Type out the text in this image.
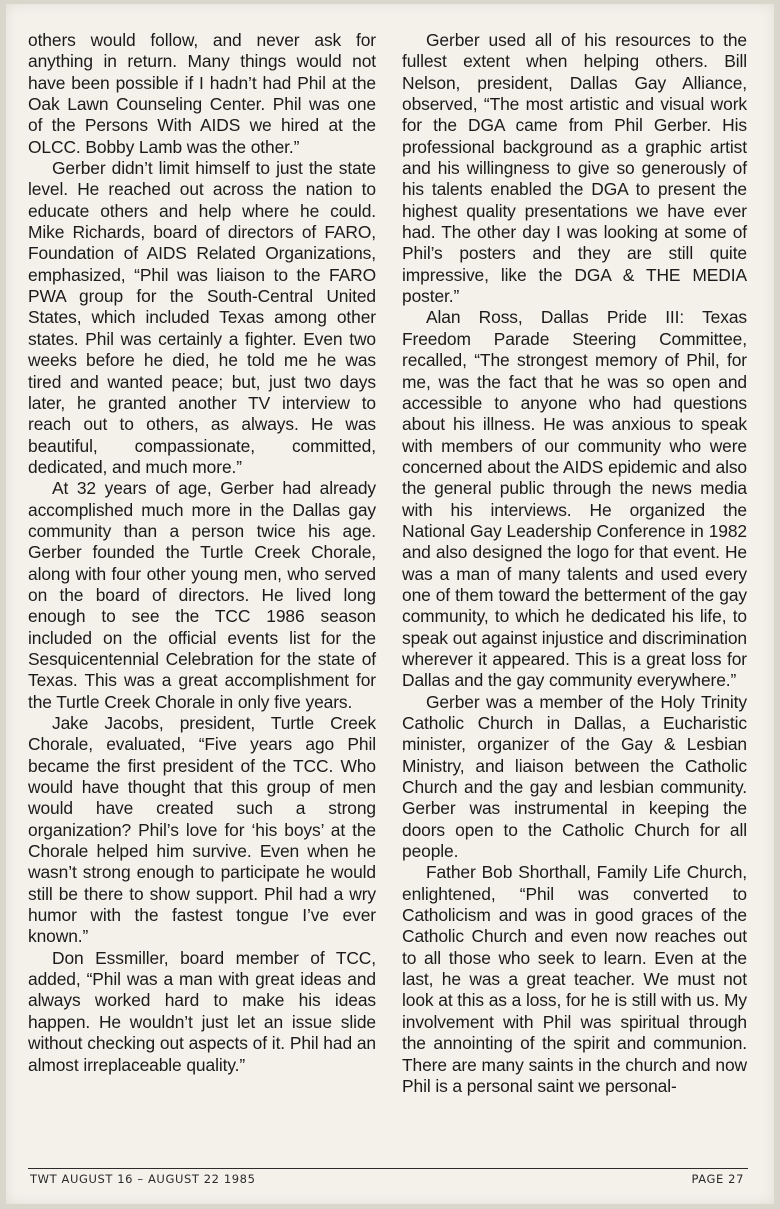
others would follow, and never ask for anything in return. Many things would not have been possible if I hadn’t had Phil at the Oak Lawn Counseling Center. Phil was one of the Persons With AIDS we hired at the OLCC. Bobby Lamb was the other.”

Gerber didn’t limit himself to just the state level. He reached out across the nation to educate others and help where he could. Mike Richards, board of directors of FARO, Foundation of AIDS Related Organizations, emphasized, “Phil was liaison to the FARO PWA group for the South-Central United States, which included Texas among other states. Phil was certainly a fighter. Even two weeks before he died, he told me he was tired and wanted peace; but, just two days later, he granted another TV interview to reach out to others, as always. He was beautiful, compassionate, committed, dedicated, and much more.”

At 32 years of age, Gerber had already accomplished much more in the Dallas gay community than a person twice his age. Gerber founded the Turtle Creek Chorale, along with four other young men, who served on the board of directors. He lived long enough to see the TCC 1986 season included on the official events list for the Sesquicentennial Celebration for the state of Texas. This was a great accomplishment for the Turtle Creek Chorale in only five years.

Jake Jacobs, president, Turtle Creek Chorale, evaluated, “Five years ago Phil became the first president of the TCC. Who would have thought that this group of men would have created such a strong organization? Phil’s love for ‘his boys’ at the Chorale helped him survive. Even when he wasn’t strong enough to participate he would still be there to show support. Phil had a wry humor with the fastest tongue I’ve ever known.”

Don Essmiller, board member of TCC, added, “Phil was a man with great ideas and always worked hard to make his ideas happen. He wouldn’t just let an issue slide without checking out aspects of it. Phil had an almost irreplaceable quality.”

Gerber used all of his resources to the fullest extent when helping others. Bill Nelson, president, Dallas Gay Alliance, observed, “The most artistic and visual work for the DGA came from Phil Gerber. His professional background as a graphic artist and his willingness to give so generously of his talents enabled the DGA to present the highest quality presentations we have ever had. The other day I was looking at some of Phil’s posters and they are still quite impressive, like the DGA & THE MEDIA poster.”

Alan Ross, Dallas Pride III: Texas Freedom Parade Steering Committee, recalled, “The strongest memory of Phil, for me, was the fact that he was so open and accessible to anyone who had questions about his illness. He was anxious to speak with members of our community who were concerned about the AIDS epidemic and also the general public through the news media with his interviews. He organized the National Gay Leadership Conference in 1982 and also designed the logo for that event. He was a man of many talents and used every one of them toward the betterment of the gay community, to which he dedicated his life, to speak out against injustice and discrimination wherever it appeared. This is a great loss for Dallas and the gay community everywhere.”

Gerber was a member of the Holy Trinity Catholic Church in Dallas, a Eucharistic minister, organizer of the Gay & Lesbian Ministry, and liaison between the Catholic Church and the gay and lesbian community. Gerber was instrumental in keeping the doors open to the Catholic Church for all people.

Father Bob Shorthall, Family Life Church, enlightened, “Phil was converted to Catholicism and was in good graces of the Catholic Church and even now reaches out to all those who seek to learn. Even at the last, he was a great teacher. We must not look at this as a loss, for he is still with us. My involvement with Phil was spiritual through the annointing of the spirit and communion. There are many saints in the church and now Phil is a personal saint we personal-

TWT AUGUST 16 – AUGUST 22 1985	PAGE 27
